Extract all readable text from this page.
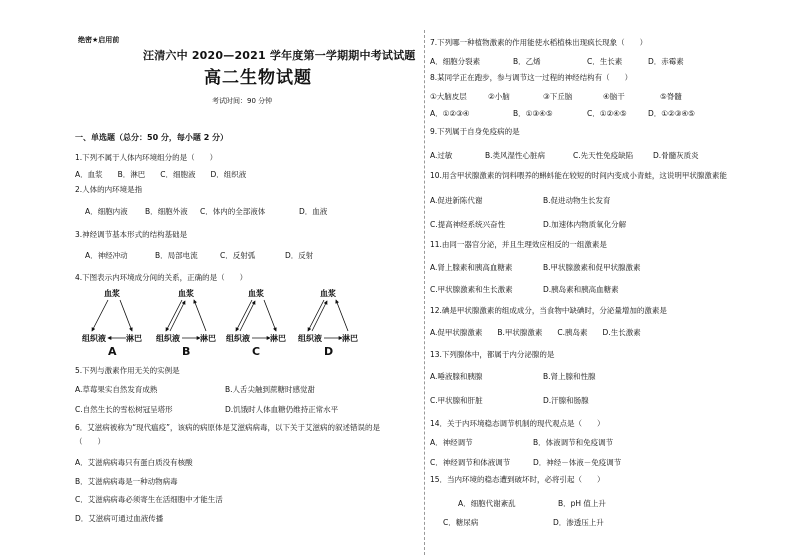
绝密★启用前
汪清六中 2020—2021 学年度第一学期期中考试试题
高二生物试题
考试时间：90 分钟
一、单选题（总分：50 分，每小题 2 分）
1.下列不属于人体内环境组分的是（　　）
A．血浆　　B．淋巴　　C．细胞液　　D．组织液
2.人体的内环境是指
A．细胞内液 B．细胞外液 C．体内的全部液体	D．血液
3.神经调节基本形式的结构基础是
A．神经冲动	B．局部电流	C．反射弧	D．反射
4.下图表示内环境成分间的关系，正确的是（　　）
血浆
组织液	淋巴
A
血浆
组织液	淋巴
B
血浆
组织液	淋巴
C
血浆
组织液	淋巴
D
5.下列与激素作用无关的实例是
A.草莓果实自然发育成熟	B.人舌尖触到蔗糖时感觉甜
C.自然生长的雪松树冠呈塔形	D.饥饿时人体血糖仍维持正常水平
6．艾滋病被称为“现代瘟疫”，该病的病原体是艾滋病病毒，以下关于艾滋病的叙述错误的是
（　　）
A．艾滋病病毒只有蛋白质没有核酸
B．艾滋病病毒是一种动物病毒
C．艾滋病病毒必须寄生在活细胞中才能生活
D．艾滋病可通过血液传播
7.下列哪一种植物激素的作用能使水稻植株出现疯长现象（　　）
A．细胞分裂素	B．乙烯	C．生长素	D．赤霉素
8.某同学正在跑步，参与调节这一过程的神经结构有（　　）
①大脑皮层	②小脑	③下丘脑	④脑干	⑤脊髓
A．①②③④	B．①③④⑤	C．①②④⑤	D．①②③④⑤
9.下列属于自身免疫病的是
A.过敏	B.类风湿性心脏病	C.先天性免疫缺陷	D.骨髓灰质炎
10.用含甲状腺激素的饲料喂养的蝌蚪能在较短的时间内变成小青蛙，这说明甲状腺激素能
A.促进新陈代谢	B.促进动物生长发育
C.提高神经系统兴奋性	D.加速体内物质氧化分解
11.由同一器官分泌，并且生理效应相反的一组激素是
A.肾上腺素和胰高血糖素	B.甲状腺激素和促甲状腺激素
C.甲状腺激素和生长激素	D.胰岛素和胰高血糖素
12.碘是甲状腺激素的组成成分，当食物中缺碘时，分泌量增加的激素是
A.促甲状腺激素　　B.甲状腺激素　　C.胰岛素　　D.生长激素
13.下列腺体中，都属于内分泌腺的是
A.唾液腺和胰腺	B.肾上腺和性腺
C.甲状腺和肝脏	D.汗腺和肠腺
14．关于内环境稳态调节机制的现代观点是（　　）
A．神经调节	B．体液调节和免疫调节
C．神经调节和体液调节	D．神经－体液－免疫调节
15．当内环境的稳态遭到破坏时，必将引起（　　）
A．细胞代谢紊乱	B．pH 值上升
C．糖尿病	D．渗透压上升
